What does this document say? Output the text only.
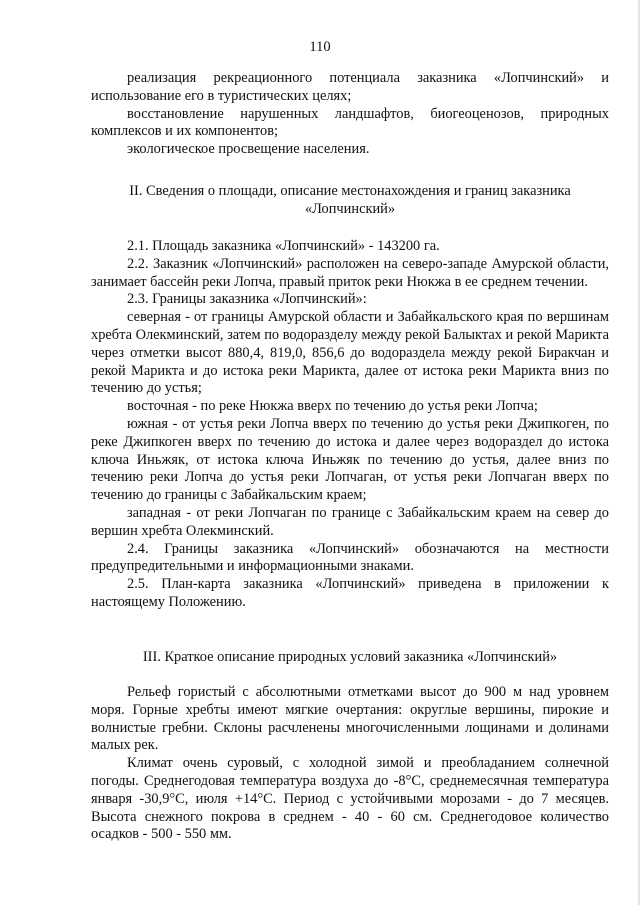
110

реализация рекреационного потенциала заказника «Лопчинский» и использование его в туристических целях;

восстановление нарушенных ландшафтов, биогеоценозов, природных комплексов и их компонентов;

экологическое просвещение населения.

II. Сведения о площади, описание местонахождения и границ заказника «Лопчинский»

2.1. Площадь заказника «Лопчинский» - 143200 га.

2.2. Заказник «Лопчинский» расположен на северо-западе Амурской области, занимает бассейн реки Лопча, правый приток реки Нюкжа в ее среднем течении.

2.3. Границы заказника «Лопчинский»:

северная - от границы Амурской области и Забайкальского края по вершинам хребта Олекминский, затем по водоразделу между рекой Балыктах и рекой Марикта через отметки высот 880,4, 819,0, 856,6 до водораздела между рекой Биракчан и рекой Марикта и до истока реки Марикта, далее от истока реки Марикта вниз по течению до устья;

восточная - по реке Нюкжа вверх по течению до устья реки Лопча;

южная - от устья реки Лопча вверх по течению до устья реки Джипкоген, по реке Джипкоген вверх по течению до истока и далее через водораздел до истока ключа Иньжяк, от истока ключа Иньжяк по течению до устья, далее вниз по течению реки Лопча до устья реки Лопчаган, от устья реки Лопчаган вверх по течению до границы с Забайкальским краем;

западная - от реки Лопчаган по границе с Забайкальским краем на север до вершин хребта Олекминский.

2.4. Границы заказника «Лопчинский» обозначаются на местности предупредительными и информационными знаками.

2.5. План-карта заказника «Лопчинский» приведена в приложении к настоящему Положению.

III. Краткое описание природных условий заказника «Лопчинский»

Рельеф гористый с абсолютными отметками высот до 900 м над уровнем моря. Горные хребты имеют мягкие очертания: округлые вершины, пирокие и волнистые гребни. Склоны расчленены многочисленными лощинами и долинами малых рек.

Климат очень суровый, с холодной зимой и преобладанием солнечной погоды. Среднегодовая температура воздуха до -8°С, среднемесячная температура января -30,9°С, июля +14°С. Период с устойчивыми морозами - до 7 месяцев. Высота снежного покрова в среднем - 40 - 60 см. Среднегодовое количество осадков - 500 - 550 мм.
